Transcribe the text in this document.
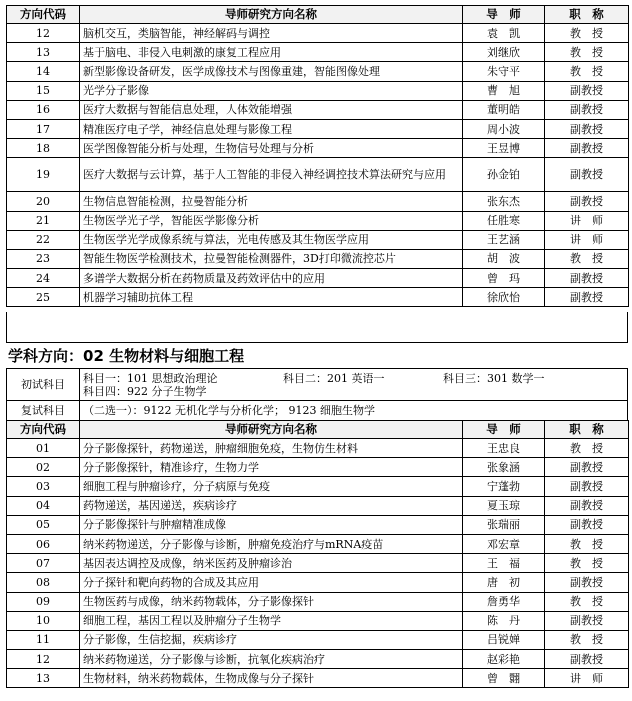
方向代码	导师研究方向名称	导　师	职　称
12	脑机交互，类脑智能，神经解码与调控	袁　凯	教　授
13	基于脑电、非侵入电刺激的康复工程应用	刘继欣	教　授
14	新型影像设备研发，医学成像技术与图像重建，智能图像处理	朱守平	教　授
15	光学分子影像	曹　旭	副教授
16	医疗大数据与智能信息处理，人体效能增强	董明皓	副教授
17	精准医疗电子学，神经信息处理与影像工程	周小波	副教授
18	医学图像智能分析与处理，生物信号处理与分析	王昱博	副教授
19	医疗大数据与云计算，基于人工智能的非侵入神经调控技术算法研究与应用	孙金铂	副教授
20	生物信息智能检测，拉曼智能分析	张东杰	副教授
21	生物医学光子学，智能医学影像分析	任胜寒	讲　师
22	生物医学光学成像系统与算法，光电传感及其生物医学应用	王艺涵	讲　师
23	智能生物医学检测技术，拉曼智能检测器件，3D打印微流控芯片	胡　波	教　授
24	多谱学大数据分析在药物质量及药效评估中的应用	曾　玛	副教授
25	机器学习辅助抗体工程	徐欣怡	副教授
学科方向：02 生物材料与细胞工程
初试科目	科目一：101 思想政治理论 科目二：201 英语一 科目三：301 数学一
科目四：922 分子生物学

复试科目	（二选一）：9122 无机化学与分析化学； 9123 细胞生物学
方向代码	导师研究方向名称	导　师	职　称
01	分子影像探针，药物递送，肿瘤细胞免疫，生物仿生材料	王忠良	教　授
02	分子影像探针，精准诊疗，生物力学	张象涵	副教授
03	细胞工程与肿瘤诊疗，分子病原与免疫	宁蓬勃	副教授
04	药物递送，基因递送，疾病诊疗	夏玉琼	副教授
05	分子影像探针与肿瘤精准成像	张瑞丽	副教授
06	纳米药物递送，分子影像与诊断，肿瘤免疫治疗与mRNA疫苗	邓宏章	教　授
07	基因表达调控及成像，纳米医药及肿瘤诊治	王　福	教　授
08	分子探针和靶向药物的合成及其应用	唐　初	副教授
09	生物医药与成像，纳米药物载体，分子影像探针	詹勇华	教　授
10	细胞工程，基因工程以及肿瘤分子生物学	陈　丹	副教授
11	分子影像，生信挖掘，疾病诊疗	吕锐婵	教　授
12	纳米药物递送，分子影像与诊断，抗氧化疾病治疗	赵彩艳	副教授
13	生物材料，纳米药物载体，生物成像与分子探针	曾　翾	讲　师
